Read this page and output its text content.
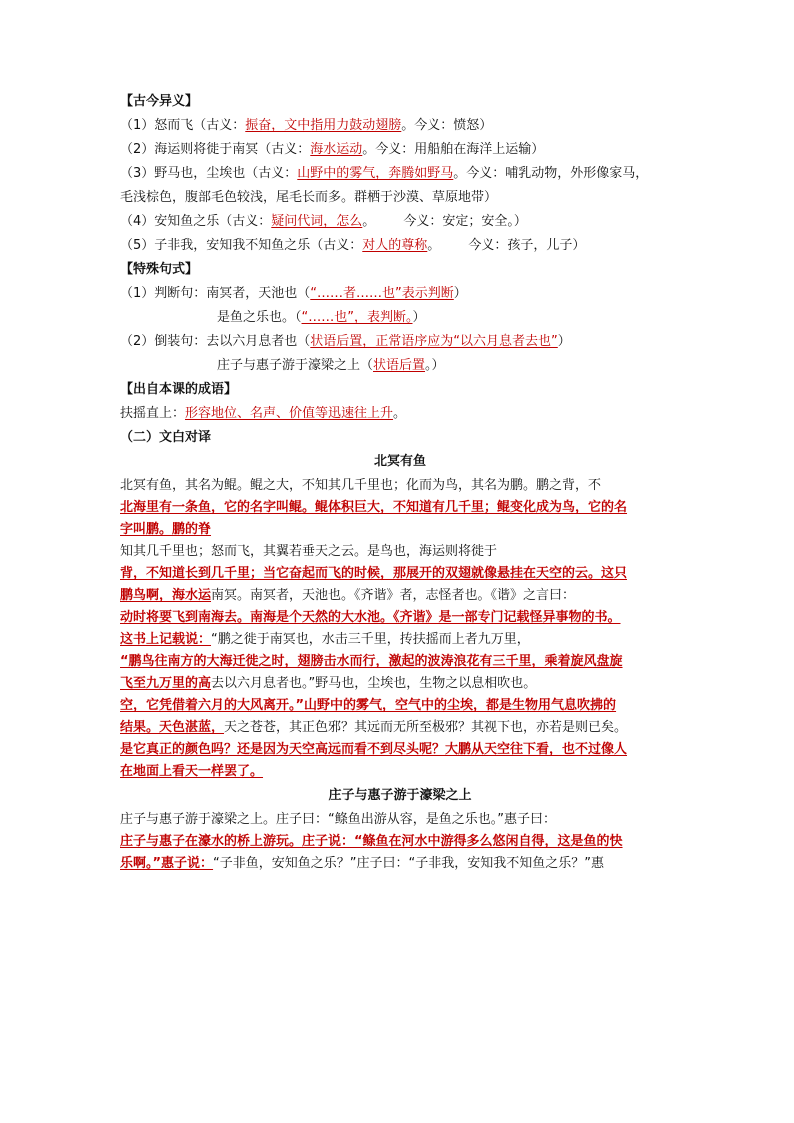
【古今异义】
（1）怒而飞（古义：振奋，文中指用力鼓动翅膀。今义：愤怒）
（2）海运则将徙于南冥（古义：海水运动。今义：用船舶在海洋上运输）
（3）野马也，尘埃也（古义：山野中的雾气，奔腾如野马。今义：哺乳动物，外形像家马，
毛浅棕色，腹部毛色较浅，尾毛长而多。群栖于沙漠、草原地带）
（4）安知鱼之乐（古义：疑问代词，怎么。 今义：安定；安全。）
（5）子非我，安知我不知鱼之乐（古义：对人的尊称。 今义：孩子，儿子）
【特殊句式】
（1）判断句：南冥者，天池也（“……者……也”表示判断）
是鱼之乐也。（“……也”，表判断。）
（2）倒装句：去以六月息者也（状语后置，正常语序应为“以六月息者去也”）
庄子与惠子游于濠梁之上（状语后置。）
【出自本课的成语】
扶摇直上：形容地位、名声、价值等迅速往上升。
（二）文白对译
北冥有鱼
北冥有鱼，其名为鲲。鲲之大，不知其几千里也；化而为鸟，其名为鹏。鹏之背，不
北海里有一条鱼，它的名字叫鲲。鲲体积巨大，不知道有几千里；鲲变化成为鸟，它的名
字叫鹏。鹏的脊
知其几千里也；怒而飞，其翼若垂天之云。是鸟也，海运则将徙于
背，不知道长到几千里；当它奋起而飞的时候，那展开的双翅就像悬挂在天空的云。这只
鹏鸟啊，海水运南冥。南冥者，天池也。《齐谐》者，志怪者也。《谐》之言曰：
动时将要飞到南海去。南海是个天然的大水池。《齐谐》是一部专门记载怪异事物的书。
这书上记载说：“鹏之徙于南冥也，水击三千里，抟扶摇而上者九万里，
“鹏鸟往南方的大海迁徙之时，翅膀击水而行，激起的波涛浪花有三千里，乘着旋风盘旋
飞至九万里的高去以六月息者也。”野马也，尘埃也，生物之以息相吹也。
空，它凭借着六月的大风离开。”山野中的雾气，空气中的尘埃，都是生物用气息吹拂的
结果。天色湛蓝，天之苍苍，其正色邪？其远而无所至极邪？其视下也，亦若是则已矣。
是它真正的颜色吗？还是因为天空高远而看不到尽头呢？大鹏从天空往下看，也不过像人
在地面上看天一样罢了。
庄子与惠子游于濠梁之上
庄子与惠子游于濠梁之上。庄子曰：“鲦鱼出游从容，是鱼之乐也。”惠子曰：
庄子与惠子在濠水的桥上游玩。庄子说：“鲦鱼在河水中游得多么悠闲自得，这是鱼的快
乐啊。”惠子说：“子非鱼，安知鱼之乐？”庄子曰：“子非我，安知我不知鱼之乐？”惠
